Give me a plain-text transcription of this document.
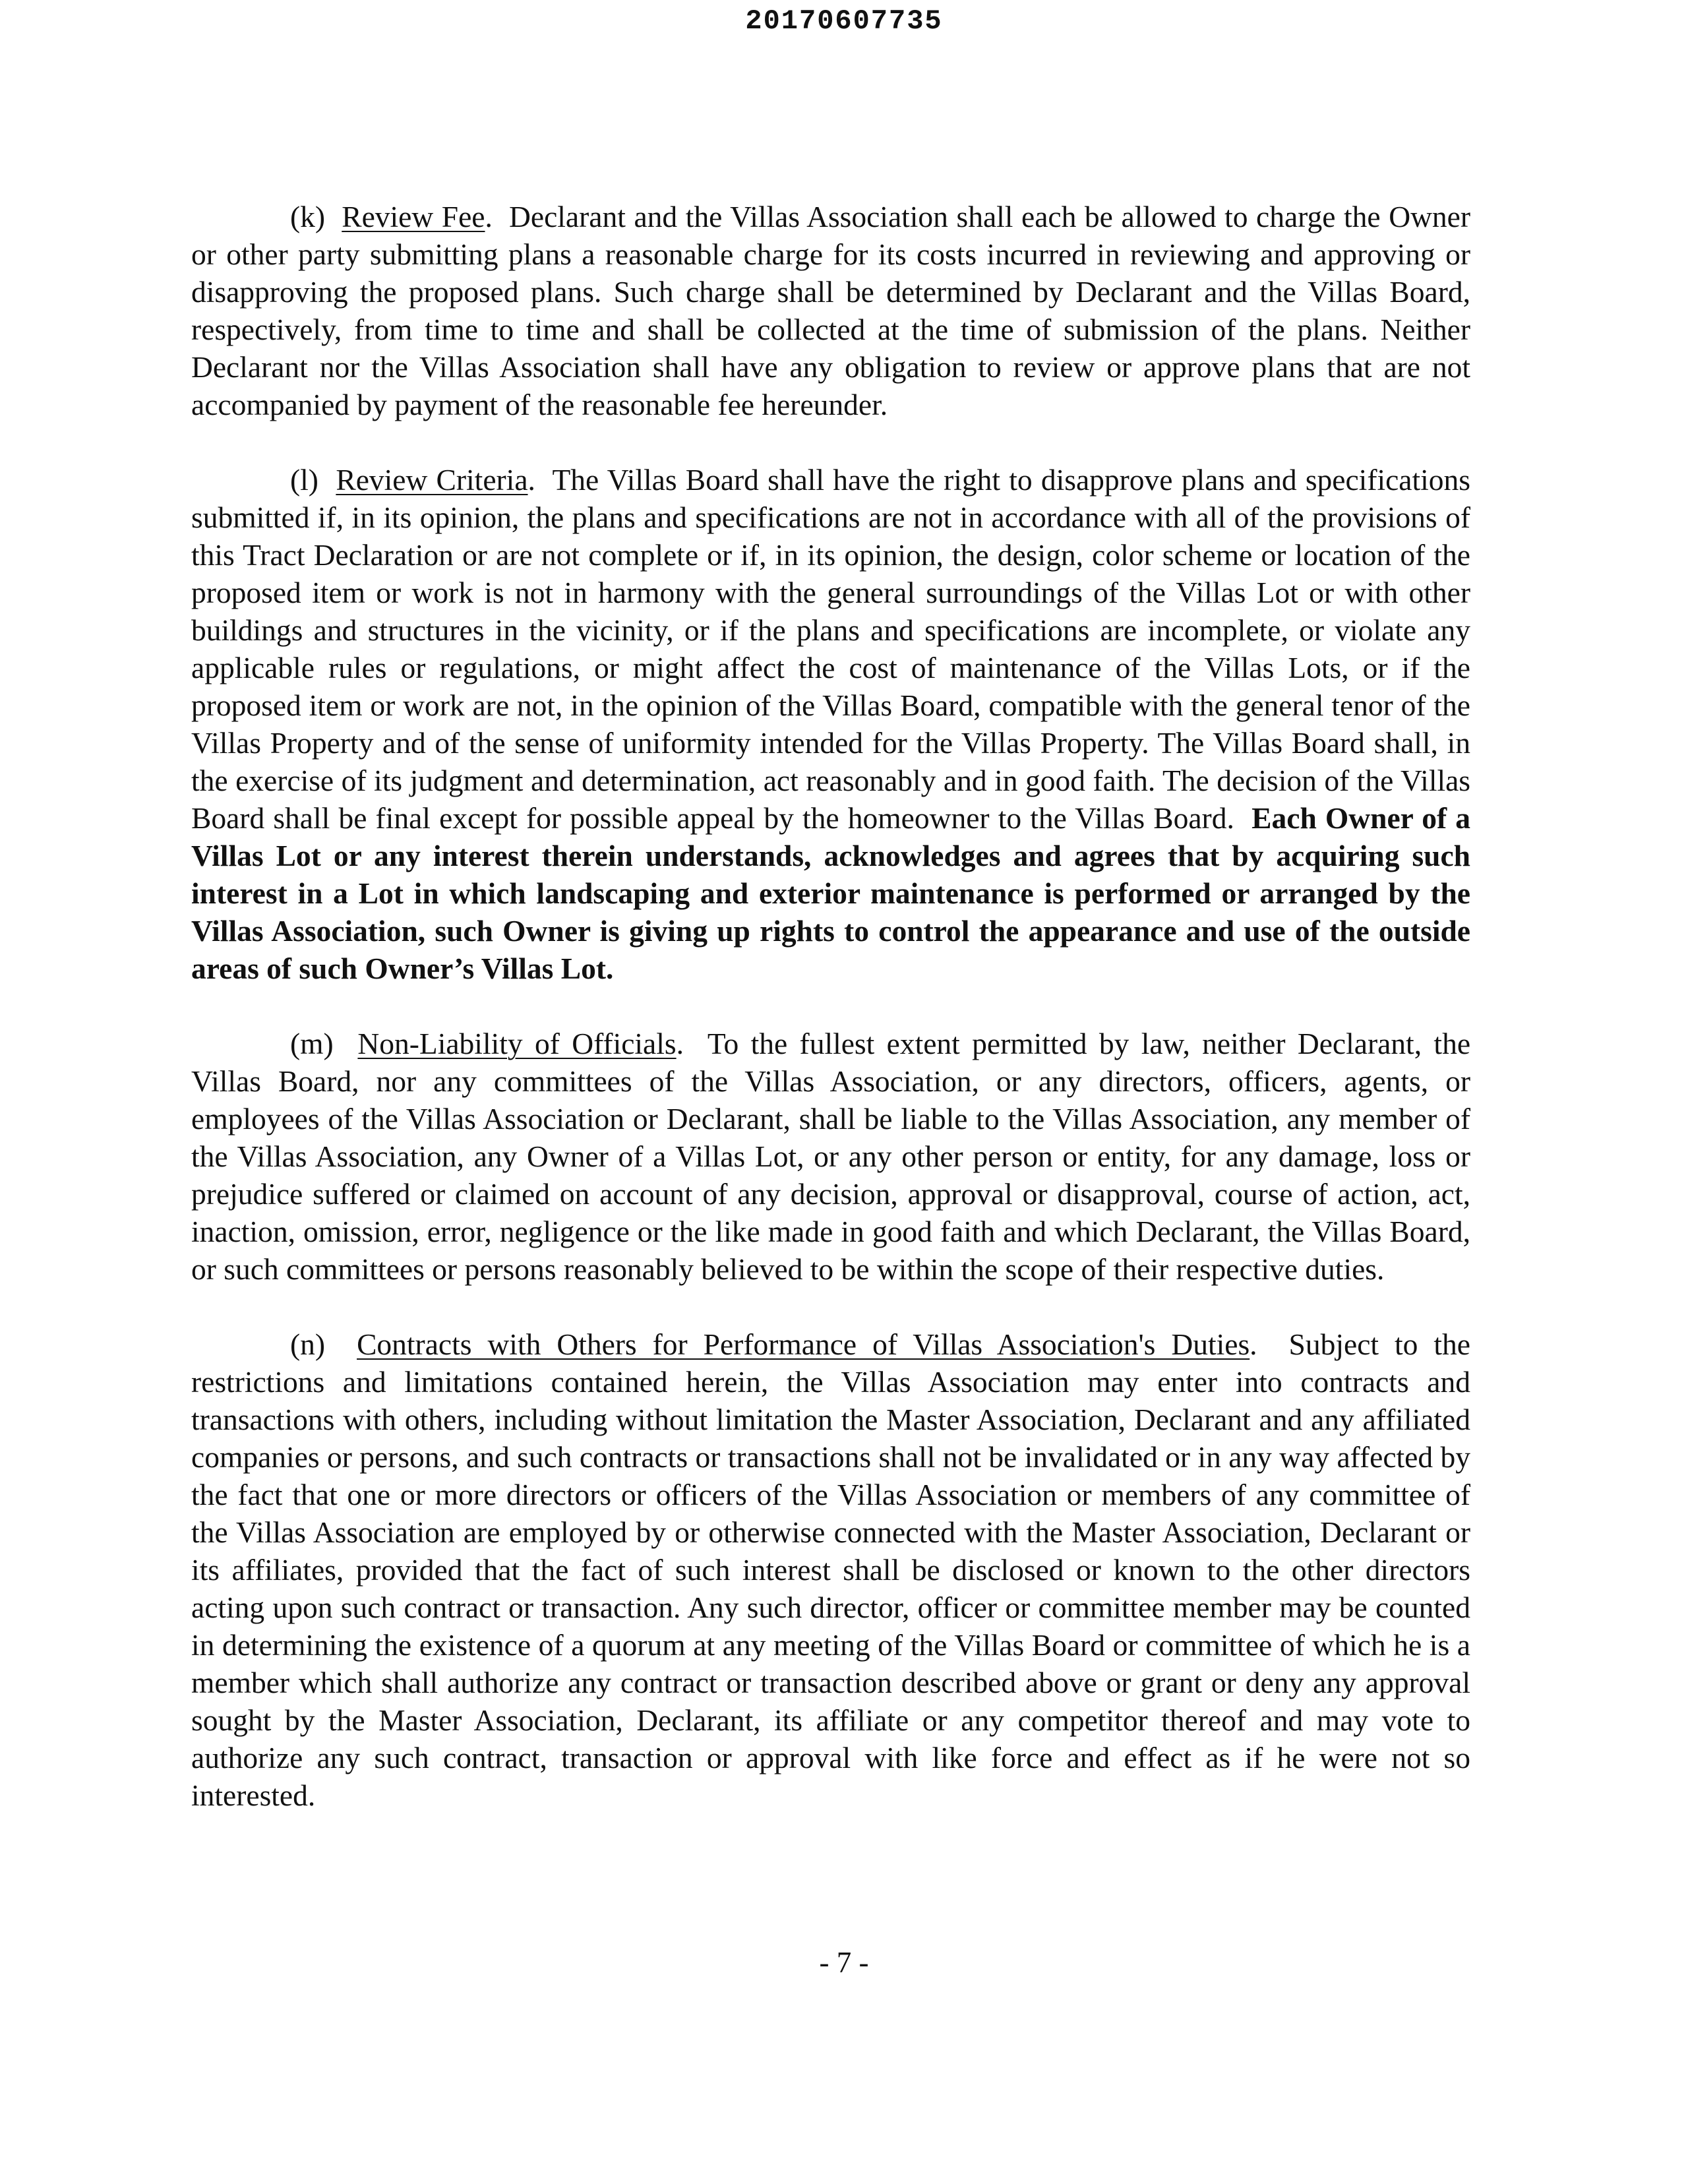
20170607735

(k) Review Fee.  Declarant and the Villas Association shall each be allowed to charge the Owner or other party submitting plans a reasonable charge for its costs incurred in reviewing and approving or disapproving the proposed plans. Such charge shall be determined by Declarant and the Villas Board, respectively, from time to time and shall be collected at the time of submission of the plans. Neither Declarant nor the Villas Association shall have any obligation to review or approve plans that are not accompanied by payment of the reasonable fee hereunder.

(l) Review Criteria.  The Villas Board shall have the right to disapprove plans and specifications submitted if, in its opinion, the plans and specifications are not in accordance with all of the provisions of this Tract Declaration or are not complete or if, in its opinion, the design, color scheme or location of the proposed item or work is not in harmony with the general surroundings of the Villas Lot or with other buildings and structures in the vicinity, or if the plans and specifications are incomplete, or violate any applicable rules or regulations, or might affect the cost of maintenance of the Villas Lots, or if the proposed item or work are not, in the opinion of the Villas Board, compatible with the general tenor of the Villas Property and of the sense of uniformity intended for the Villas Property. The Villas Board shall, in the exercise of its judgment and determination, act reasonably and in good faith. The decision of the Villas Board shall be final except for possible appeal by the homeowner to the Villas Board. Each Owner of a Villas Lot or any interest therein understands, acknowledges and agrees that by acquiring such interest in a Lot in which landscaping and exterior maintenance is performed or arranged by the Villas Association, such Owner is giving up rights to control the appearance and use of the outside areas of such Owner’s Villas Lot.

(m) Non-Liability of Officials.  To the fullest extent permitted by law, neither Declarant, the Villas Board, nor any committees of the Villas Association, or any directors, officers, agents, or employees of the Villas Association or Declarant, shall be liable to the Villas Association, any member of the Villas Association, any Owner of a Villas Lot, or any other person or entity, for any damage, loss or prejudice suffered or claimed on account of any decision, approval or disapproval, course of action, act, inaction, omission, error, negligence or the like made in good faith and which Declarant, the Villas Board, or such committees or persons reasonably believed to be within the scope of their respective duties.

(n) Contracts with Others for Performance of Villas Association's Duties.  Subject to the restrictions and limitations contained herein, the Villas Association may enter into contracts and transactions with others, including without limitation the Master Association, Declarant and any affiliated companies or persons, and such contracts or transactions shall not be invalidated or in any way affected by the fact that one or more directors or officers of the Villas Association or members of any committee of the Villas Association are employed by or otherwise connected with the Master Association, Declarant or its affiliates, provided that the fact of such interest shall be disclosed or known to the other directors acting upon such contract or transaction. Any such director, officer or committee member may be counted in determining the existence of a quorum at any meeting of the Villas Board or committee of which he is a member which shall authorize any contract or transaction described above or grant or deny any approval sought by the Master Association, Declarant, its affiliate or any competitor thereof and may vote to authorize any such contract, transaction or approval with like force and effect as if he were not so interested.

- 7 -
